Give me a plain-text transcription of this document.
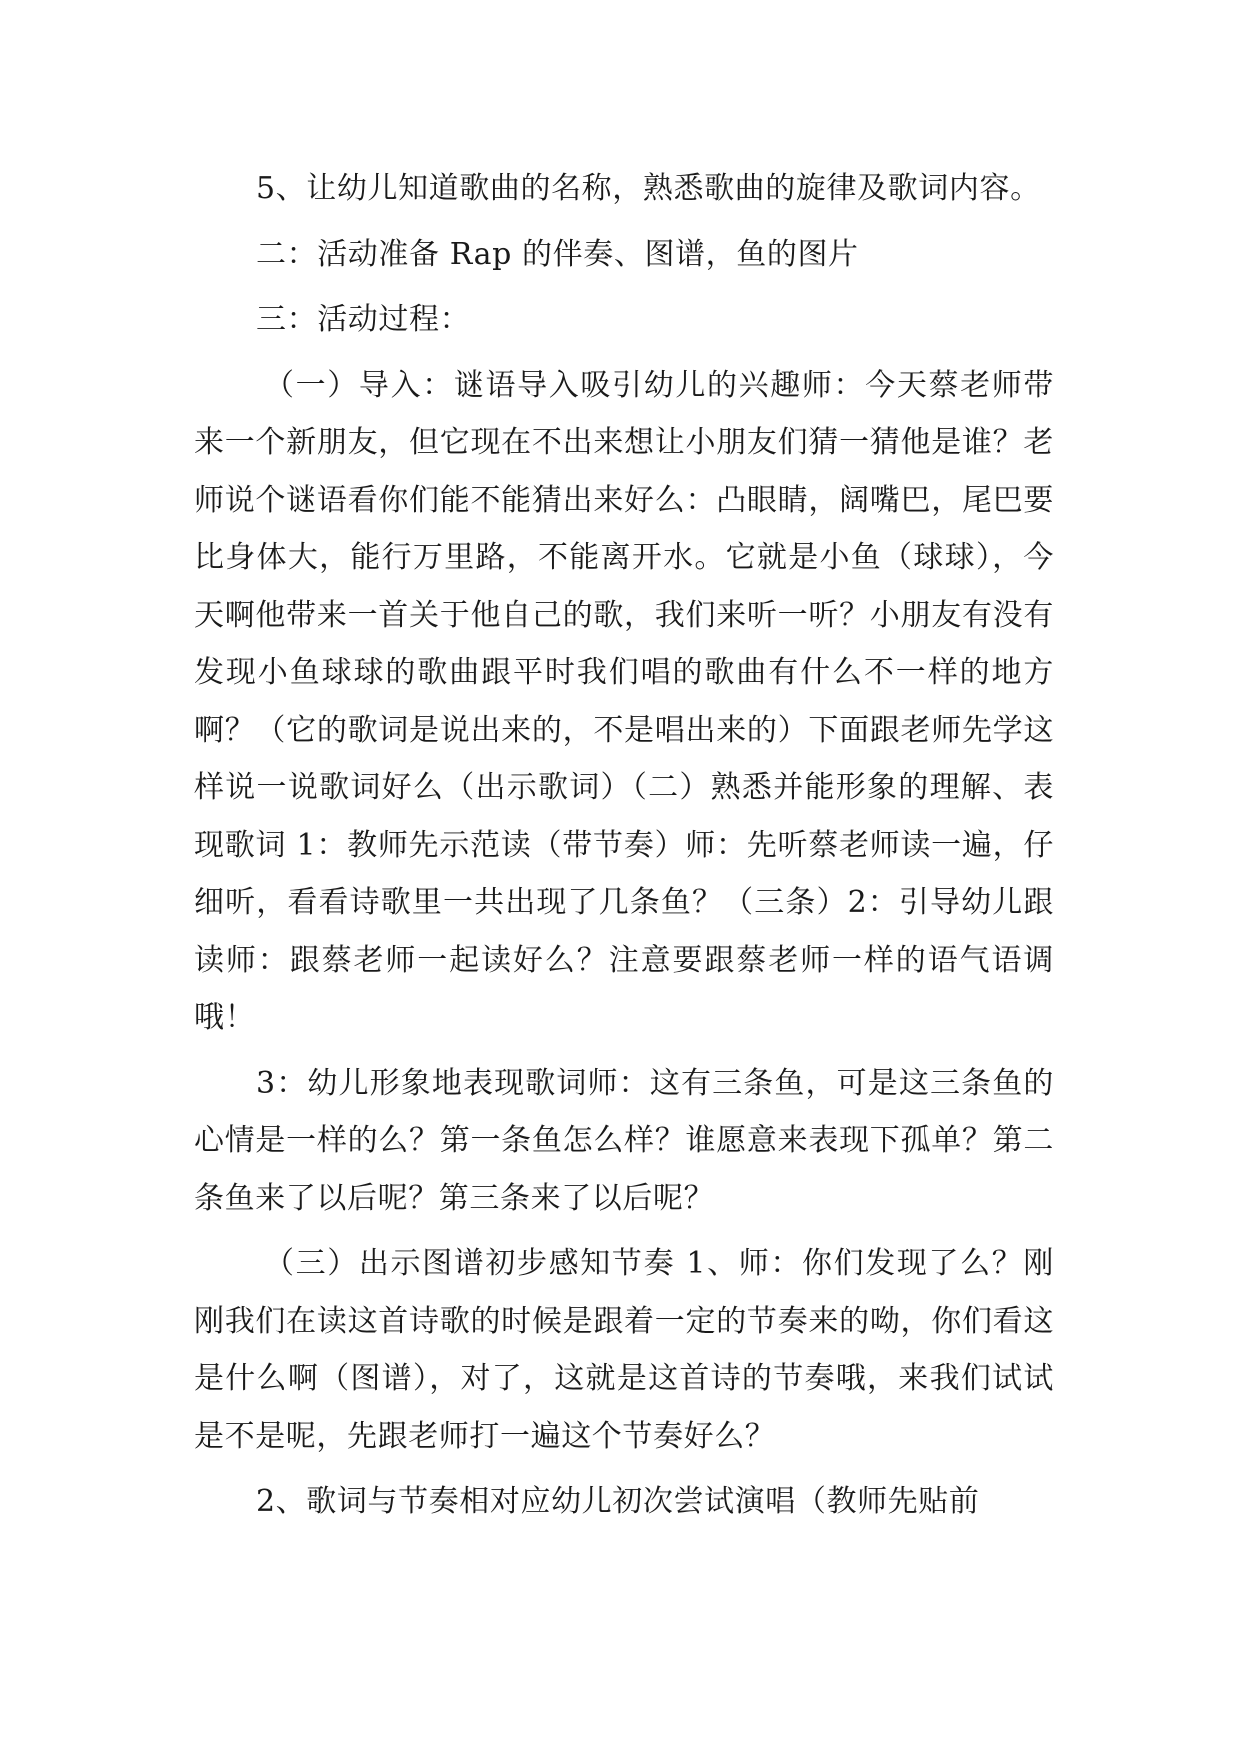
5、让幼儿知道歌曲的名称，熟悉歌曲的旋律及歌词内容。

二：活动准备 Rap 的伴奏、图谱，鱼的图片

三：活动过程：

（一）导入：谜语导入吸引幼儿的兴趣师：今天蔡老师带来一个新朋友，但它现在不出来想让小朋友们猜一猜他是谁？老师说个谜语看你们能不能猜出来好么：凸眼睛，阔嘴巴，尾巴要比身体大，能行万里路，不能离开水。它就是小鱼（球球），今天啊他带来一首关于他自己的歌，我们来听一听？小朋友有没有发现小鱼球球的歌曲跟平时我们唱的歌曲有什么不一样的地方啊？（它的歌词是说出来的，不是唱出来的）下面跟老师先学这样说一说歌词好么（出示歌词）（二）熟悉并能形象的理解、表现歌词 1：教师先示范读（带节奏）师：先听蔡老师读一遍，仔细听，看看诗歌里一共出现了几条鱼？（三条）2：引导幼儿跟读师：跟蔡老师一起读好么？注意要跟蔡老师一样的语气语调哦！

3：幼儿形象地表现歌词师：这有三条鱼，可是这三条鱼的心情是一样的么？第一条鱼怎么样？谁愿意来表现下孤单？第二条鱼来了以后呢？第三条来了以后呢？

（三）出示图谱初步感知节奏 1、师：你们发现了么？刚刚我们在读这首诗歌的时候是跟着一定的节奏来的呦，你们看这是什么啊（图谱），对了，这就是这首诗的节奏哦，来我们试试是不是呢，先跟老师打一遍这个节奏好么？

2、歌词与节奏相对应幼儿初次尝试演唱（教师先贴前
